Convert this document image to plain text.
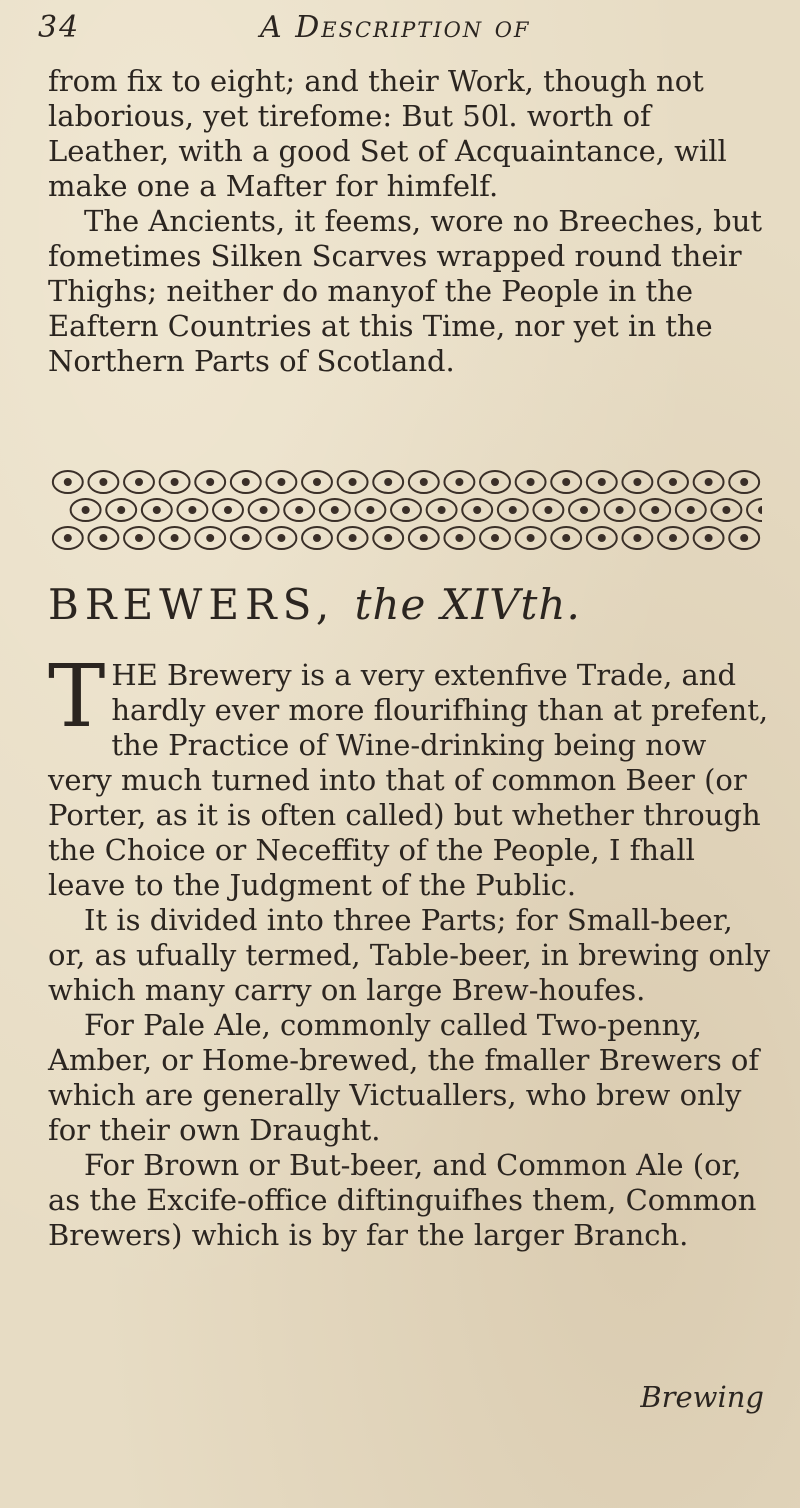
34	A Description of

from fix to eight; and their Work, though not laborious, yet tirefome: But 50l. worth of Leather, with a good Set of Acquaintance, will make one a Mafter for himfelf.

The Ancients, it feems, wore no Breeches, but fometimes Silken Scarves wrapped round their Thighs; neither do manyof the People in the Eaftern Countries at this Time, nor yet in the Northern Parts of Scotland.

BREWERS, the XIVth.

THE Brewery is a very extenfive Trade, and hardly ever more flourifhing than at prefent, the Practice of Wine-drinking being now very much turned into that of common Beer (or Porter, as it is often called) but whether through the Choice or Neceffity of the People, I fhall leave to the Judgment of the Public.

It is divided into three Parts; for Small-beer, or, as ufually termed, Table-beer, in brewing only which many carry on large Brew-houfes.

For Pale Ale, commonly called Two-penny, Amber, or Home-brewed, the fmaller Brewers of which are generally Victuallers, who brew only for their own Draught.

For Brown or But-beer, and Common Ale (or, as the Excife-office diftinguifhes them, Common Brewers) which is by far the larger Branch.

Brewing
